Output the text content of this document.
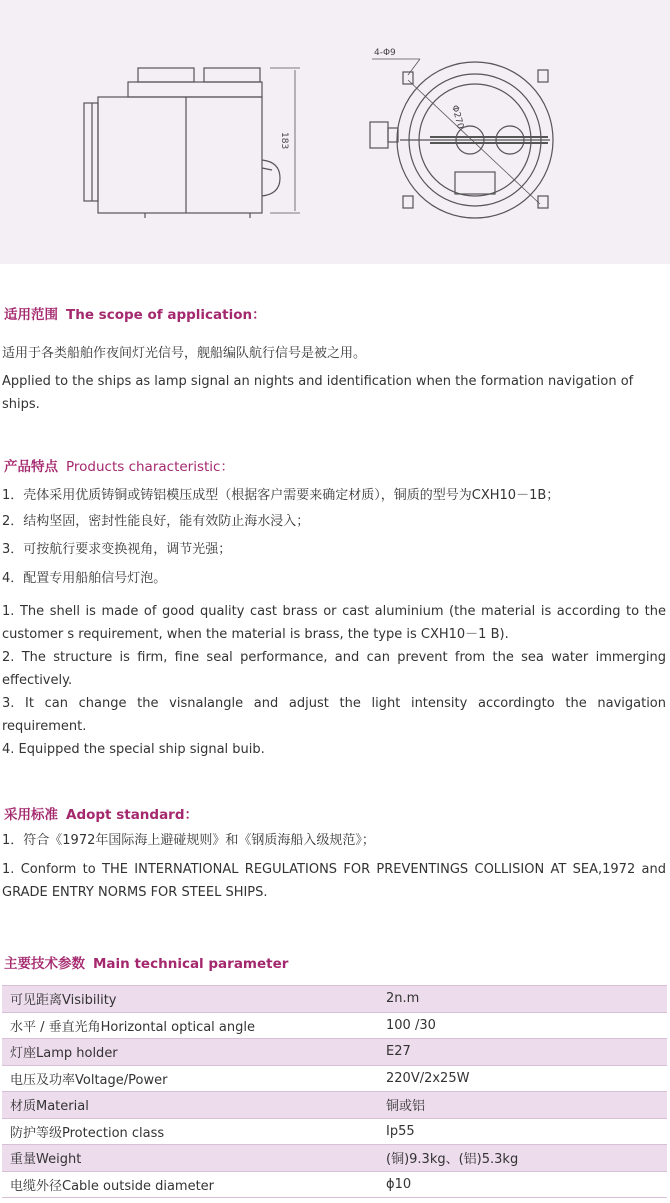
4-Φ9
Φ270
183
适用范围 The scope of application：
适用于各类船舶作夜间灯光信号，舰船编队航行信号是被之用。
Applied to the ships as lamp signal an nights and identification when the formation navigation of ships.
产品特点 Products characteristic：
1．壳体采用优质铸铜或铸铝模压成型（根据客户需要来确定材质），铜质的型号为CXH10－1B；
2．结构坚固，密封性能良好，能有效防止海水浸入；
3．可按航行要求变换视角，调节光强；
4．配置专用船舶信号灯泡。
1. The shell is made of good quality cast brass or cast aluminium (the material is according to the customer s requirement, when the material is brass, the type is CXH10－1 B).
2. The structure is firm, fine seal performance, and can prevent from the sea water immerging effectively.
3. It can change the visnalangle and adjust the light intensity accordingto the navigation requirement.
4. Equipped the special ship signal buib.
采用标准 Adopt standard：
1．符合《1972年国际海上避碰规则》和《钢质海船入级规范》；
1. Conform to THE INTERNATIONAL REGULATIONS FOR PREVENTINGS COLLISION AT SEA,1972 and GRADE ENTRY NORMS FOR STEEL SHIPS.
主要技术参数 Main technical parameter
可见距离Visibility	2n.m
水平 / 垂直光角Horizontal optical angle	100 /30
灯座Lamp holder	E27
电压及功率Voltage/Power	220V/2x25W
材质Material	铜或铝
防护等级Protection class	Ip55
重量Weight	(铜)9.3kg、(铝)5.3kg
电缆外径Cable outside diameter	ϕ10
